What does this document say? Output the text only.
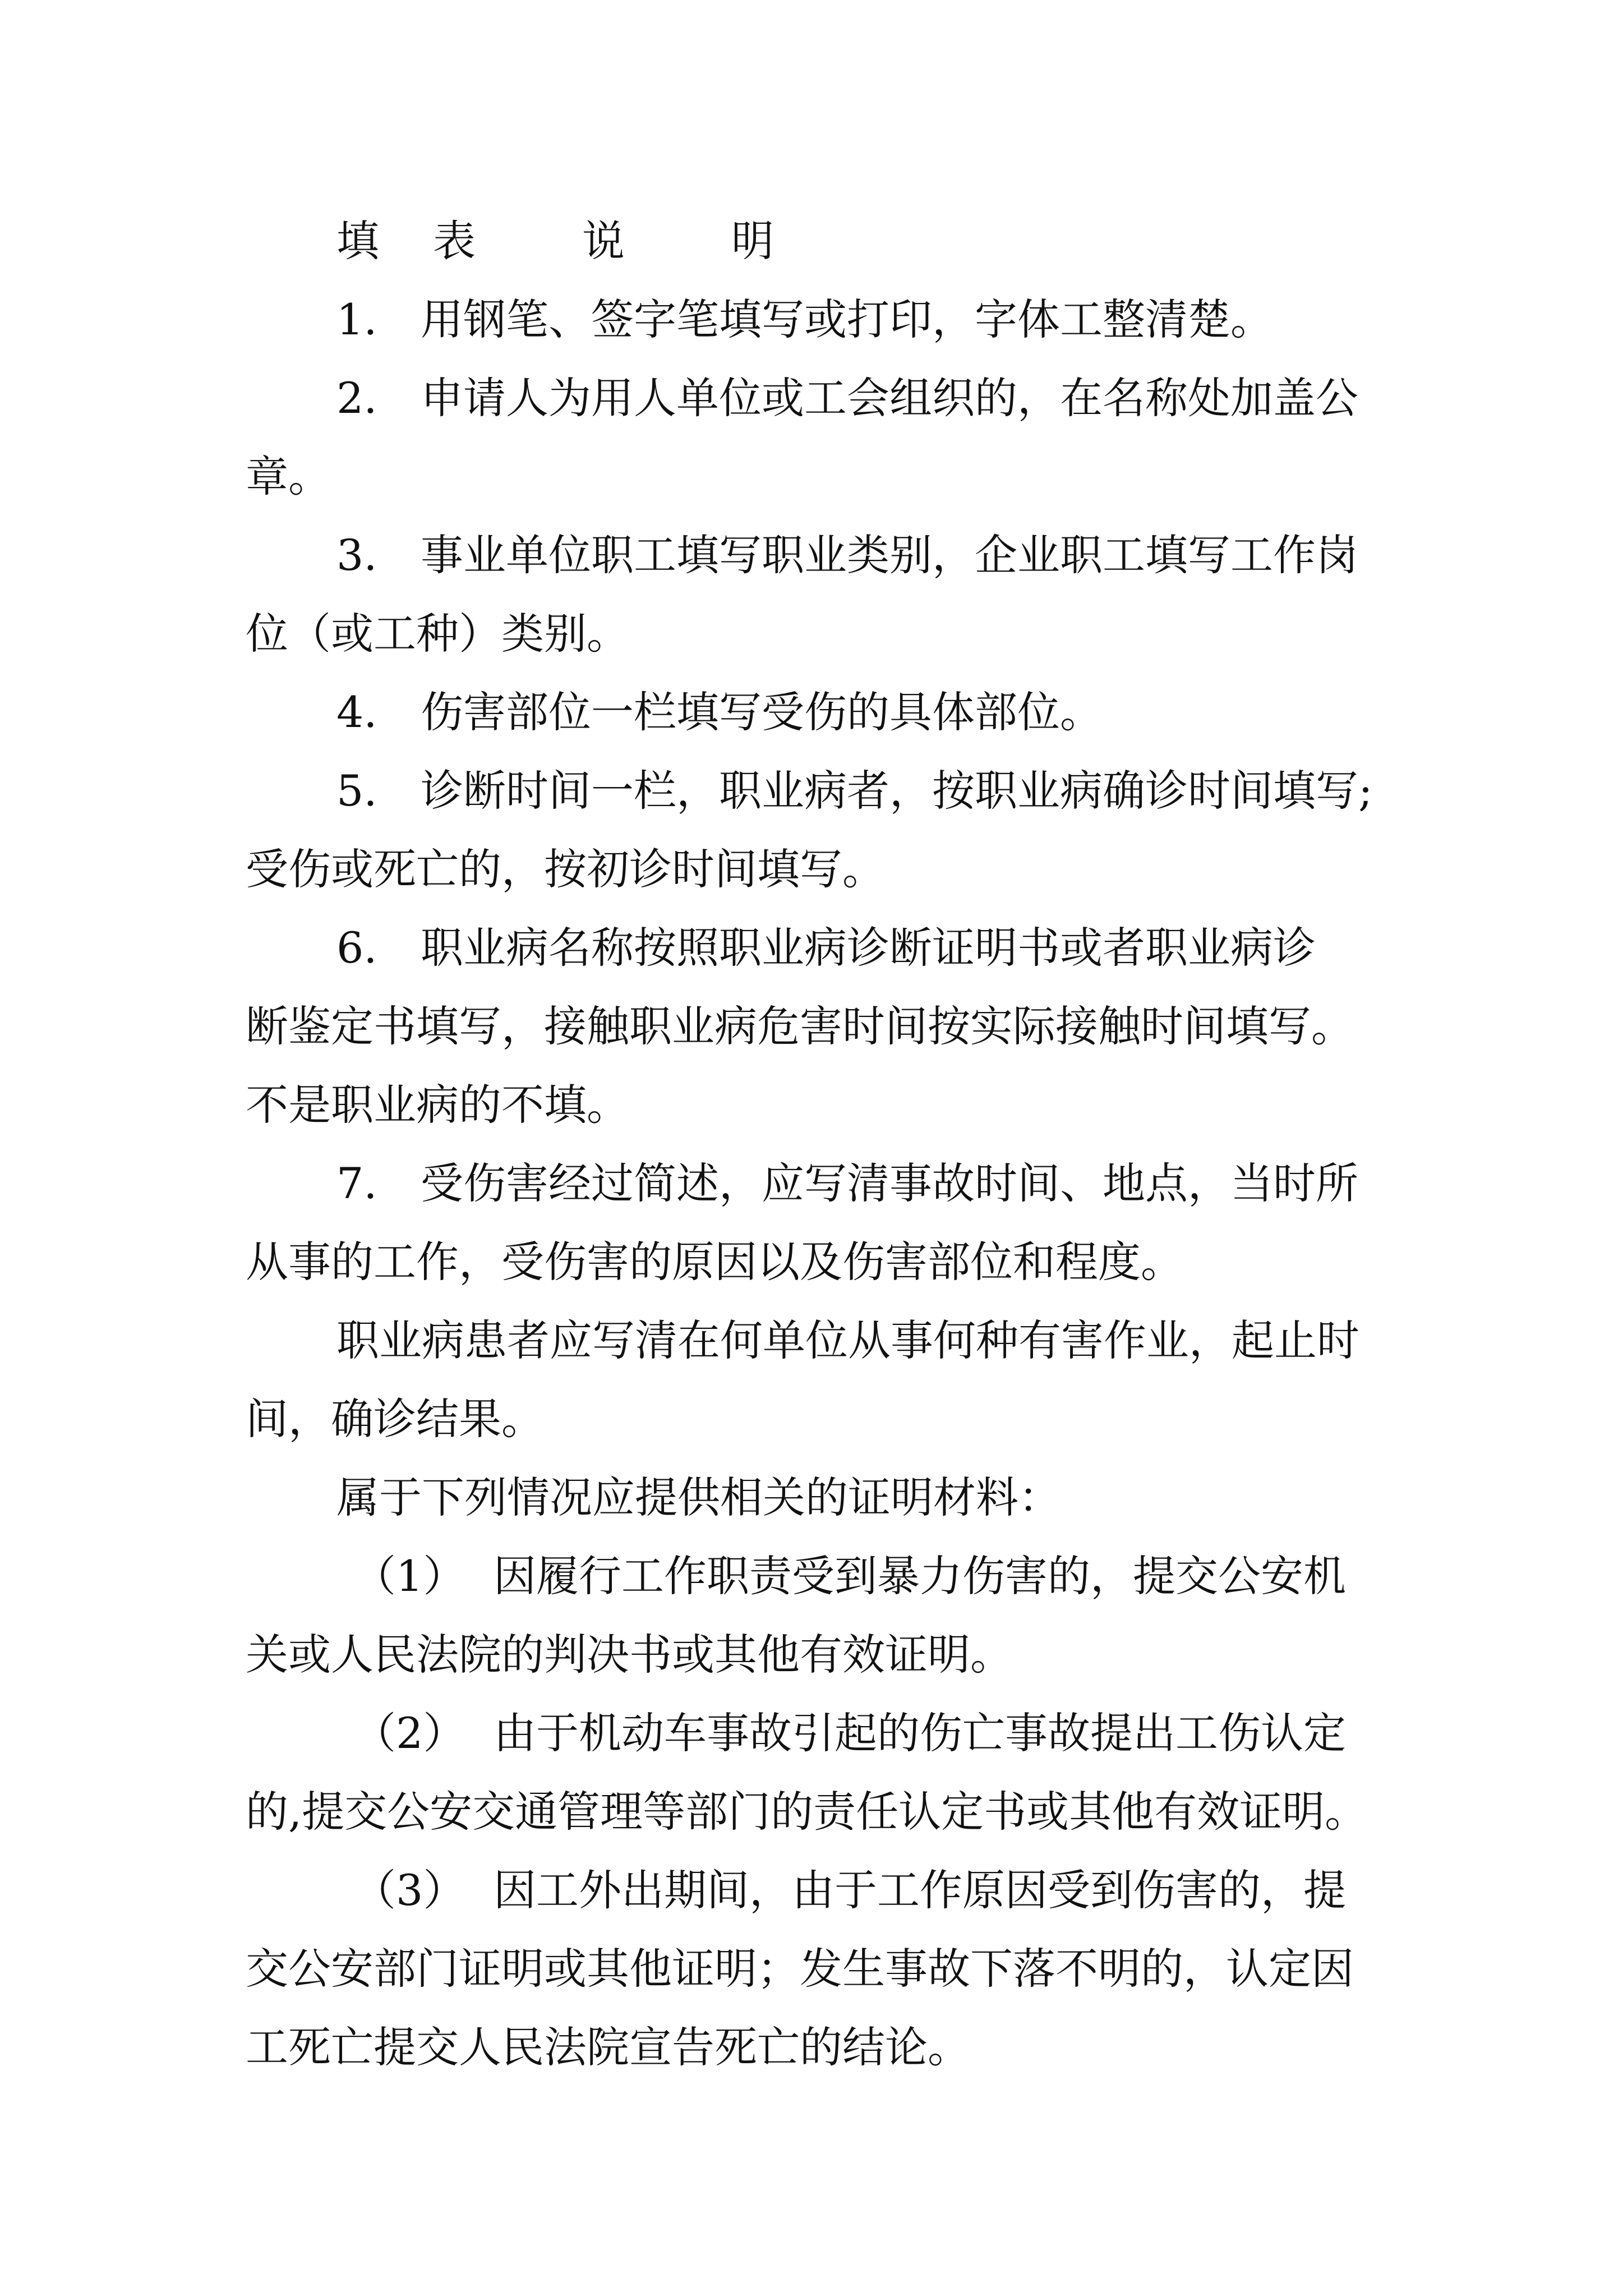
填 表	说	明
1. 用钢笔、签字笔填写或打印，字体工整清楚。
2. 申请人为用人单位或工会组织的，在名称处加盖公
章。
3. 事业单位职工填写职业类别，企业职工填写工作岗
位（或工种）类别。
4. 伤害部位一栏填写受伤的具体部位。
5. 诊断时间一栏，职业病者，按职业病确诊时间填写;
受伤或死亡的，按初诊时间填写。
6. 职业病名称按照职业病诊断证明书或者职业病诊
断鉴定书填写，接触职业病危害时间按实际接触时间填写。
不是职业病的不填。
7. 受伤害经过简述，应写清事故时间、地点，当时所
从事的工作，受伤害的原因以及伤害部位和程度。
职业病患者应写清在何单位从事何种有害作业，起止时
间，确诊结果。
属于下列情况应提供相关的证明材料：
（1） 因履行工作职责受到暴力伤害的，提交公安机
关或人民法院的判决书或其他有效证明。
（2） 由于机动车事故引起的伤亡事故提出工伤认定
的,提交公安交通管理等部门的责任认定书或其他有效证明。
（3） 因工外出期间，由于工作原因受到伤害的，提
交公安部门证明或其他证明；发生事故下落不明的，认定因
工死亡提交人民法院宣告死亡的结论。
